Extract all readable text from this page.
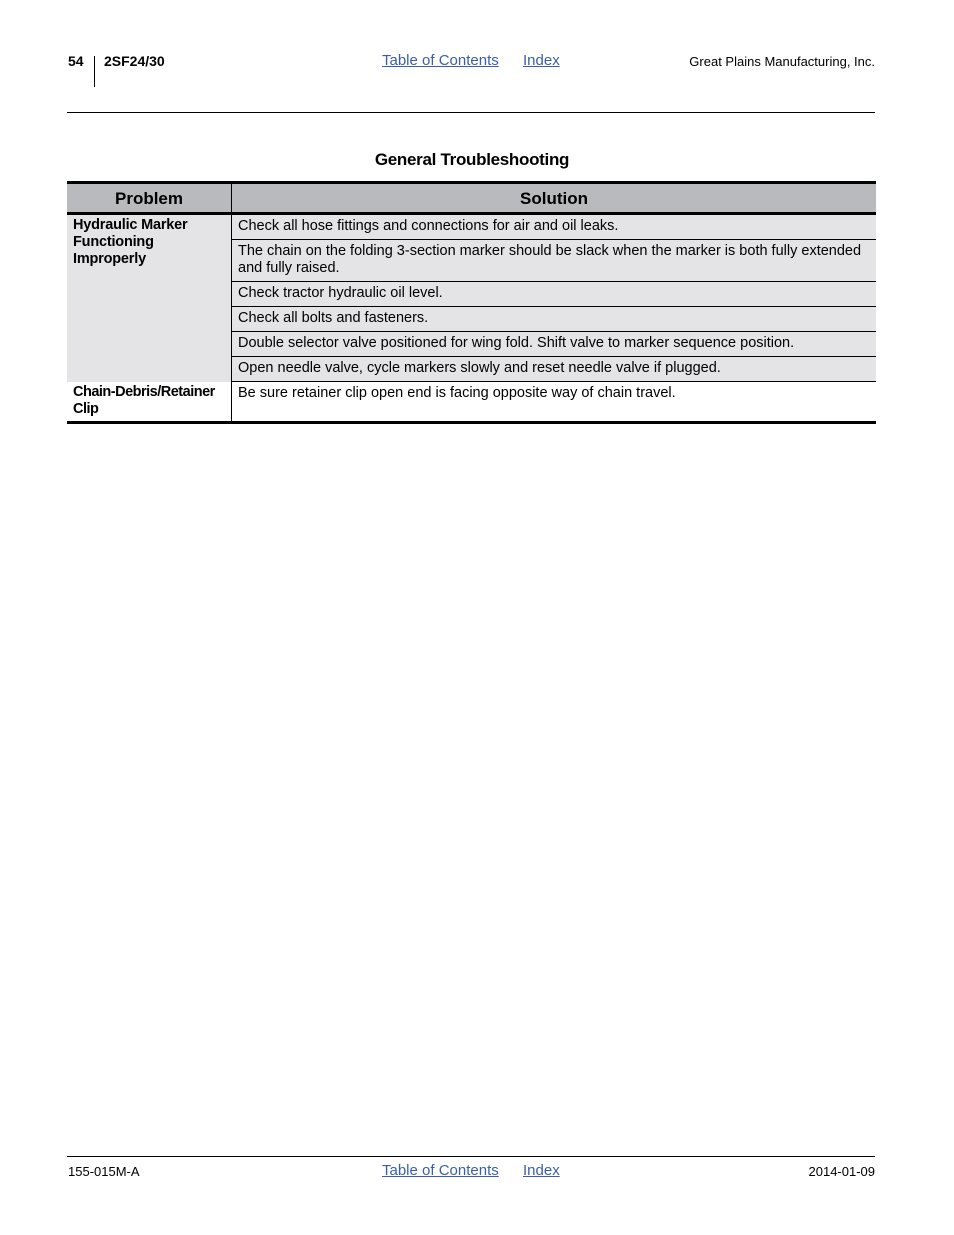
54 2SF24/30	Table of Contents Index	Great Plains Manufacturing, Inc.
General Troubleshooting
Problem	Solution
Hydraulic Marker Functioning Improperly	Check all hose fittings and connections for air and oil leaks.
	The chain on the folding 3-section marker should be slack when the marker is both fully extended and fully raised.
	Check tractor hydraulic oil level.
	Check all bolts and fasteners.
	Double selector valve positioned for wing fold. Shift valve to marker sequence position.
	Open needle valve, cycle markers slowly and reset needle valve if plugged.
Chain-Debris/Retainer Clip	Be sure retainer clip open end is facing opposite way of chain travel.
155-015M-A	Table of Contents Index	2014-01-09
